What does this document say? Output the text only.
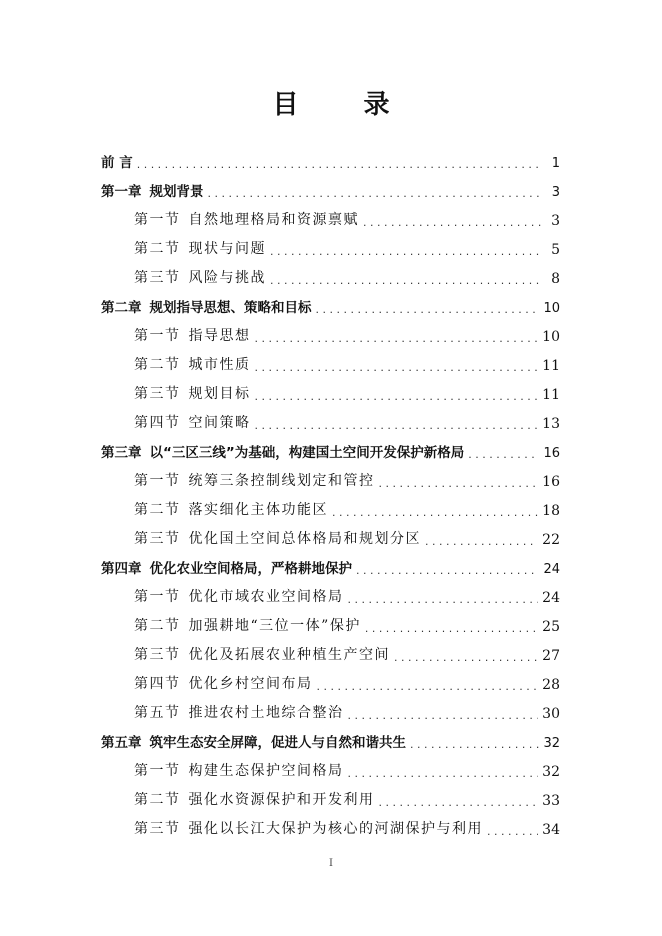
目 录
前 言 . . .	1
第一章 规划背景 . . .	3
第一节 自然地理格局和资源禀赋 . . .	3
第二节 现状与问题 . . .	5
第三节 风险与挑战 . . .	8
第二章 规划指导思想、策略和目标 . . .	10
第一节 指导思想 . . .	10
第二节 城市性质 . . .	11
第三节 规划目标 . . .	11
第四节 空间策略 . . .	13
第三章 以“三区三线”为基础，构建国土空间开发保护新格局 . . .	16
第一节 统筹三条控制线划定和管控 . . .	16
第二节 落实细化主体功能区 . . .	18
第三节 优化国土空间总体格局和规划分区 . . .	22
第四章 优化农业空间格局，严格耕地保护 . . .	24
第一节 优化市域农业空间格局 . . .	24
第二节 加强耕地“三位一体”保护 . . .	25
第三节 优化及拓展农业种植生产空间 . . .	27
第四节 优化乡村空间布局 . . .	28
第五节 推进农村土地综合整治 . . .	30
第五章 筑牢生态安全屏障，促进人与自然和谐共生 . . .	32
第一节 构建生态保护空间格局 . . .	32
第二节 强化水资源保护和开发利用 . . .	33
第三节 强化以长江大保护为核心的河湖保护与利用 . . .	34
I
